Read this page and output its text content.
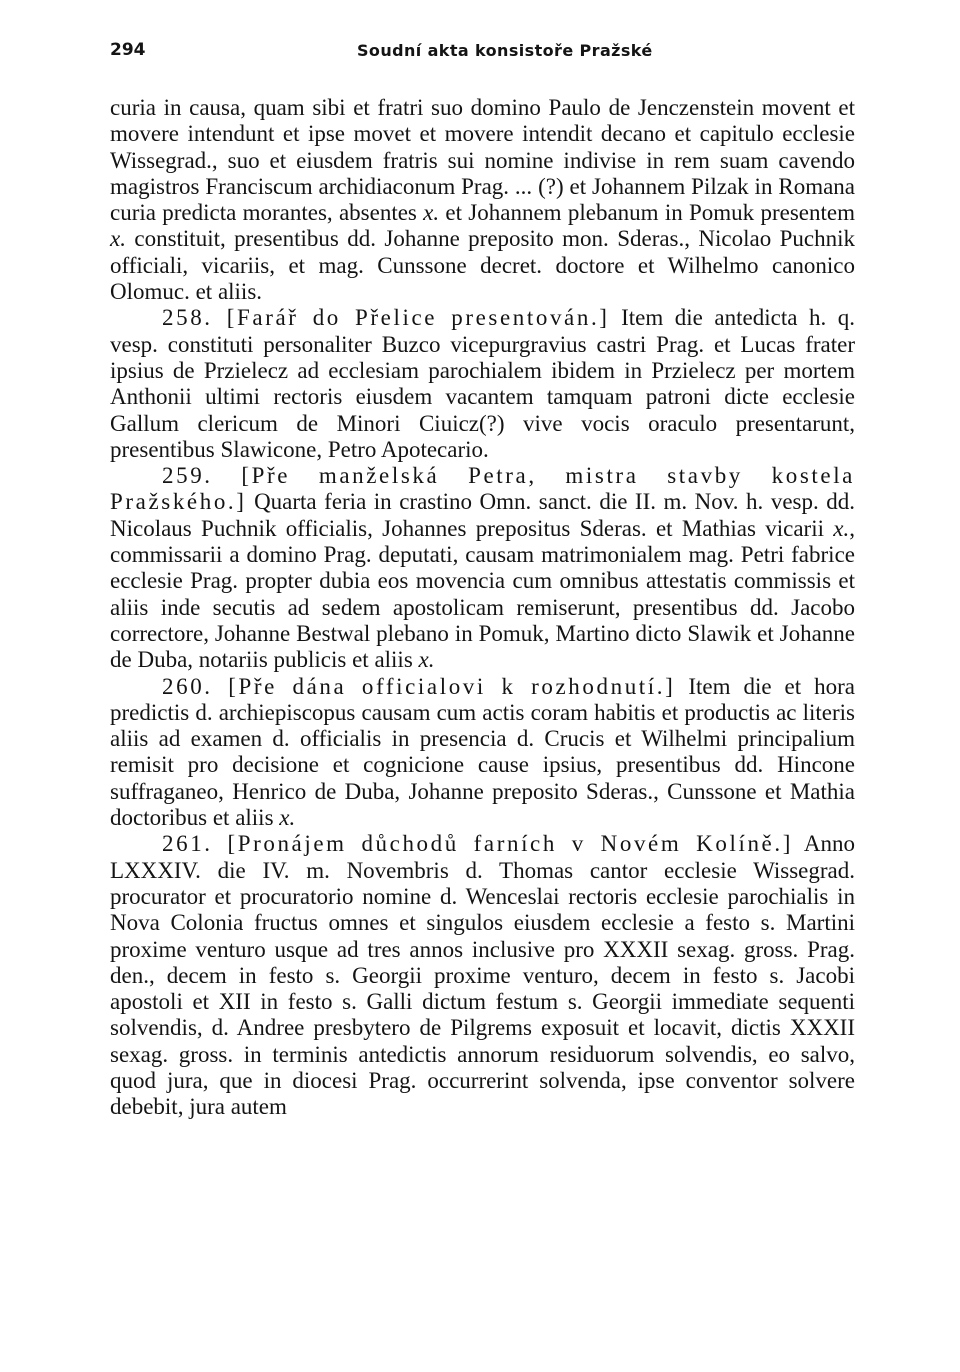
294	Soudní akta konsistoře Pražské

curia in causa, quam sibi et fratri suo domino Paulo de Jenczenstein movent et movere intendunt et ipse movet et movere intendit decano et capitulo ecclesie Wissegrad., suo et eiusdem fratris sui nomine indivise in rem suam cavendo magistros Franciscum archidiaconum Prag. ... (?) et Johannem Pilzak in Romana curia predicta morantes, absentes x. et Johannem plebanum in Pomuk presentem x. constituit, presentibus dd. Johanne preposito mon. Sderas., Nicolao Puchnik officiali, vicariis, et mag. Cunssone decret. doctore et Wilhelmo canonico Olomuc. et aliis.

258. [Farář do Přelice presentován.] Item die antedicta h. q. vesp. constituti personaliter Buzco vicepurgravius castri Prag. et Lucas frater ipsius de Przielecz ad ecclesiam parochialem ibidem in Przielecz per mortem Anthonii ultimi rectoris eiusdem vacantem tamquam patroni dicte ecclesie Gallum clericum de Minori Ciuicz(?) vive vocis oraculo presentarunt, presentibus Slawicone, Petro Apotecario.

259. [Pře manželská Petra, mistra stavby kostela Pražského.] Quarta feria in crastino Omn. sanct. die II. m. Nov. h. vesp. dd. Nicolaus Puchnik officialis, Johannes prepositus Sderas. et Mathias vicarii x., commissarii a domino Prag. deputati, causam matrimonialem mag. Petri fabrice ecclesie Prag. propter dubia eos movencia cum omnibus attestatis commissis et aliis inde secutis ad sedem apostolicam remiserunt, presentibus dd. Jacobo correctore, Johanne Bestwal plebano in Pomuk, Martino dicto Slawik et Johanne de Duba, notariis publicis et aliis x.

260. [Pře dána officialovi k rozhodnutí.] Item die et hora predictis d. archiepiscopus causam cum actis coram habitis et productis ac literis aliis ad examen d. officialis in presencia d. Crucis et Wilhelmi principalium remisit pro decisione et cognicione cause ipsius, presentibus dd. Hincone suffraganeo, Henrico de Duba, Johanne preposito Sderas., Cunssone et Mathia doctoribus et aliis x.

261. [Pronájem důchodů farních v Novém Kolíně.] Anno LXXXIV. die IV. m. Novembris d. Thomas cantor ecclesie Wissegrad. procurator et procuratorio nomine d. Wenceslai rectoris ecclesie parochialis in Nova Colonia fructus omnes et singulos eiusdem ecclesie a festo s. Martini proxime venturo usque ad tres annos inclusive pro XXXII sexag. gross. Prag. den., decem in festo s. Georgii proxime venturo, decem in festo s. Jacobi apostoli et XII in festo s. Galli dictum festum s. Georgii immediate sequenti solvendis, d. Andree presbytero de Pilgrems exposuit et locavit, dictis XXXII sexag. gross. in terminis antedictis annorum residuorum solvendis, eo salvo, quod jura, que in diocesi Prag. occurrerint solvenda, ipse conventor solvere debebit, jura autem
